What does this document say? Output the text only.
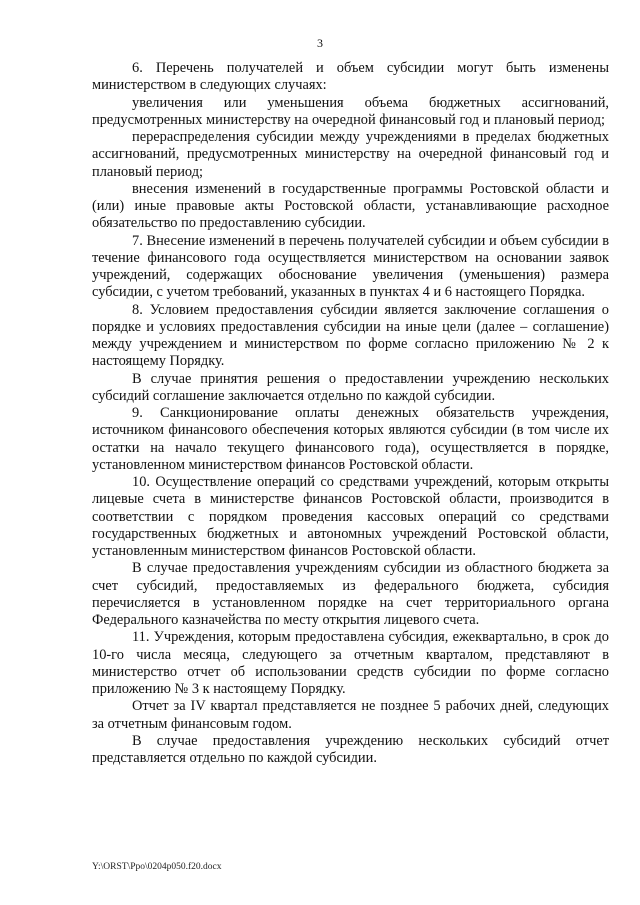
3

6. Перечень получателей и объем субсидии могут быть изменены министерством в следующих случаях:

увеличения или уменьшения объема бюджетных ассигнований, предусмотренных министерству на очередной финансовый год и плановый период;

перераспределения субсидии между учреждениями в пределах бюджетных ассигнований, предусмотренных министерству на очередной финансовый год и плановый период;

внесения изменений в государственные программы Ростовской области и (или) иные правовые акты Ростовской области, устанавливающие расходное обязательство по предоставлению субсидии.

7. Внесение изменений в перечень получателей субсидии и объем субсидии в течение финансового года осуществляется министерством на основании заявок учреждений, содержащих обоснование увеличения (уменьшения) размера субсидии, с учетом требований, указанных в пунктах 4 и 6 настоящего Порядка.

8. Условием предоставления субсидии является заключение соглашения о порядке и условиях предоставления субсидии на иные цели (далее – соглашение) между учреждением и министерством по форме согласно приложению № 2 к настоящему Порядку.

В случае принятия решения о предоставлении учреждению нескольких субсидий соглашение заключается отдельно по каждой субсидии.

9. Санкционирование оплаты денежных обязательств учреждения, источником финансового обеспечения которых являются субсидии (в том числе их остатки на начало текущего финансового года), осуществляется в порядке, установленном министерством финансов Ростовской области.

10. Осуществление операций со средствами учреждений, которым открыты лицевые счета в министерстве финансов Ростовской области, производится в соответствии с порядком проведения кассовых операций со средствами государственных бюджетных и автономных учреждений Ростовской области, установленным министерством финансов Ростовской области.

В случае предоставления учреждениям субсидии из областного бюджета за счет субсидий, предоставляемых из федерального бюджета, субсидия перечисляется в установленном порядке на счет территориального органа Федерального казначейства по месту открытия лицевого счета.

11. Учреждения, которым предоставлена субсидия, ежеквартально, в срок до 10-го числа месяца, следующего за отчетным кварталом, представляют в министерство отчет об использовании средств субсидии по форме согласно приложению № 3 к настоящему Порядку.

Отчет за IV квартал представляется не позднее 5 рабочих дней, следующих за отчетным финансовым годом.

В случае предоставления учреждению нескольких субсидий отчет представляется отдельно по каждой субсидии.

Y:\ORST\Ppo\0204p050.f20.docx
